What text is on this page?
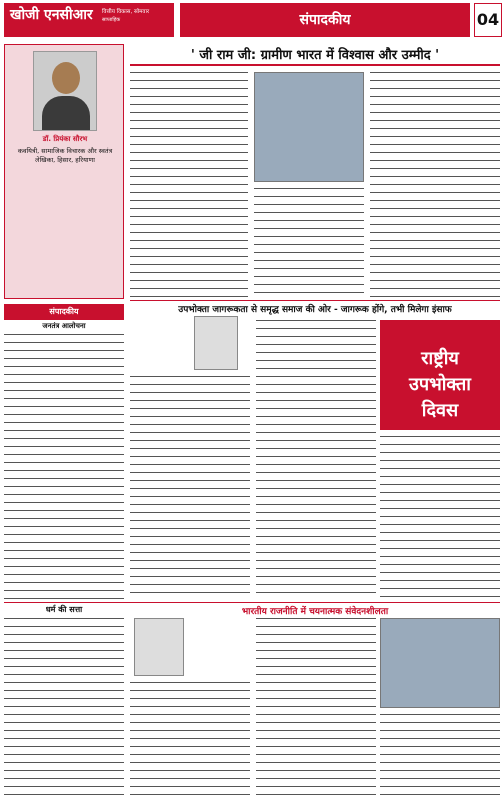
खोजी एनसीआर वित्तीय विकास, सोमवार
साप्ताहिक	संपादकीय	04
' जी राम जी: ग्रामीण भारत में विश्वास और उम्मीद '
डॉ. प्रियंका सौरभ
कवयित्री, सामाजिक विचारक और स्वतंत्र लेखिका, हिसार, हरियाणा
संपादकीय
जनतंत्र आलोचना
उपभोक्ता जागरूकता से समृद्ध समाज की ओर - जागरूक होंगे, तभी मिलेगा इंसाफ
राष्ट्रीय
उपभोक्ता
दिवस
धर्म की सत्ता	भारतीय राजनीति में चयनात्मक संवेदनशीलता
